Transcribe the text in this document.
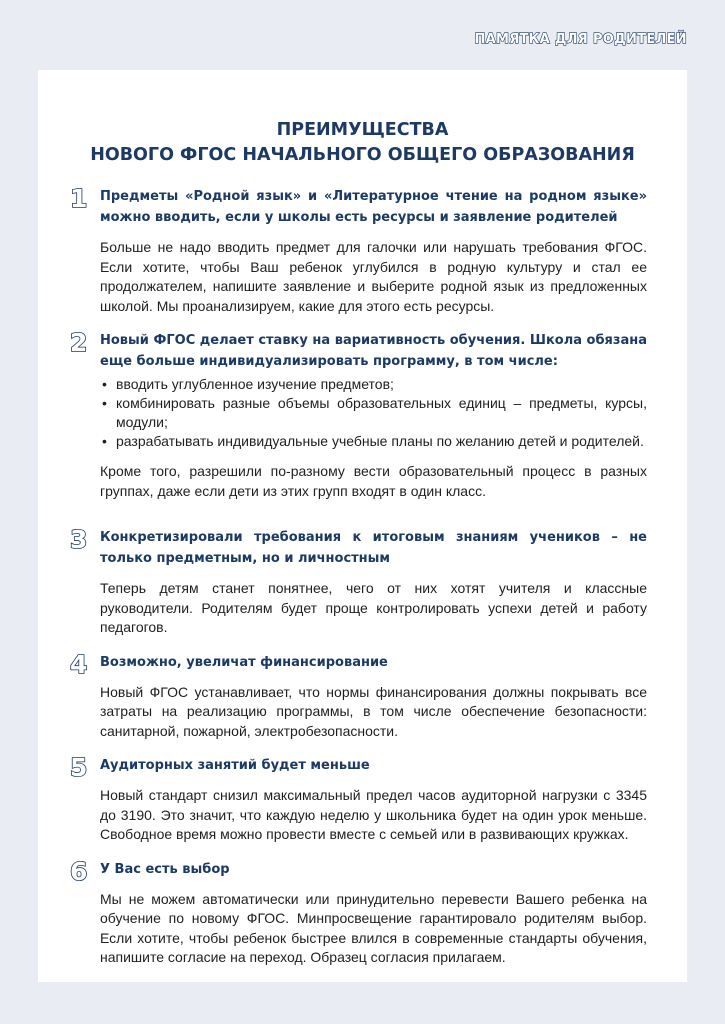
ПАМЯТКА ДЛЯ РОДИТЕЛЕЙ
ПРЕИМУЩЕСТВА
НОВОГО ФГОС НАЧАЛЬНОГО ОБЩЕГО ОБРАЗОВАНИЯ
1 Предметы «Родной язык» и «Литературное чтение на родном языке» можно вводить, если у школы есть ресурсы и заявление родителей

Больше не надо вводить предмет для галочки или нарушать требования ФГОС. Если хотите, чтобы Ваш ребенок углубился в родную культуру и стал ее продолжателем, напишите заявление и выберите родной язык из предложенных школой. Мы проанализируем, какие для этого есть ресурсы.

2 Новый ФГОС делает ставку на вариативность обучения. Школа обязана еще больше индивидуализировать программу, в том числе:

• вводить углубленное изучение предметов;
• комбинировать разные объемы образовательных единиц – предметы, курсы, модули;
• разрабатывать индивидуальные учебные планы по желанию детей и родителей.

Кроме того, разрешили по-разному вести образовательный процесс в разных группах, даже если дети из этих групп входят в один класс.

3 Конкретизировали требования к итоговым знаниям учеников – не только предметным, но и личностным

Теперь детям станет понятнее, чего от них хотят учителя и классные руководители. Родителям будет проще контролировать успехи детей и работу педагогов.

4 Возможно, увеличат финансирование

Новый ФГОС устанавливает, что нормы финансирования должны покрывать все затраты на реализацию программы, в том числе обеспечение безопасности: санитарной, пожарной, электробезопасности.

5 Аудиторных занятий будет меньше

Новый стандарт снизил максимальный предел часов аудиторной нагрузки с 3345 до 3190. Это значит, что каждую неделю у школьника будет на один урок меньше. Свободное время можно провести вместе с семьей или в развивающих кружках.

6 У Вас есть выбор

Мы не можем автоматически или принудительно перевести Вашего ребенка на обучение по новому ФГОС. Минпросвещение гарантировало родителям выбор. Если хотите, чтобы ребенок быстрее влился в современные стандарты обучения, напишите согласие на переход. Образец согласия прилагаем.
